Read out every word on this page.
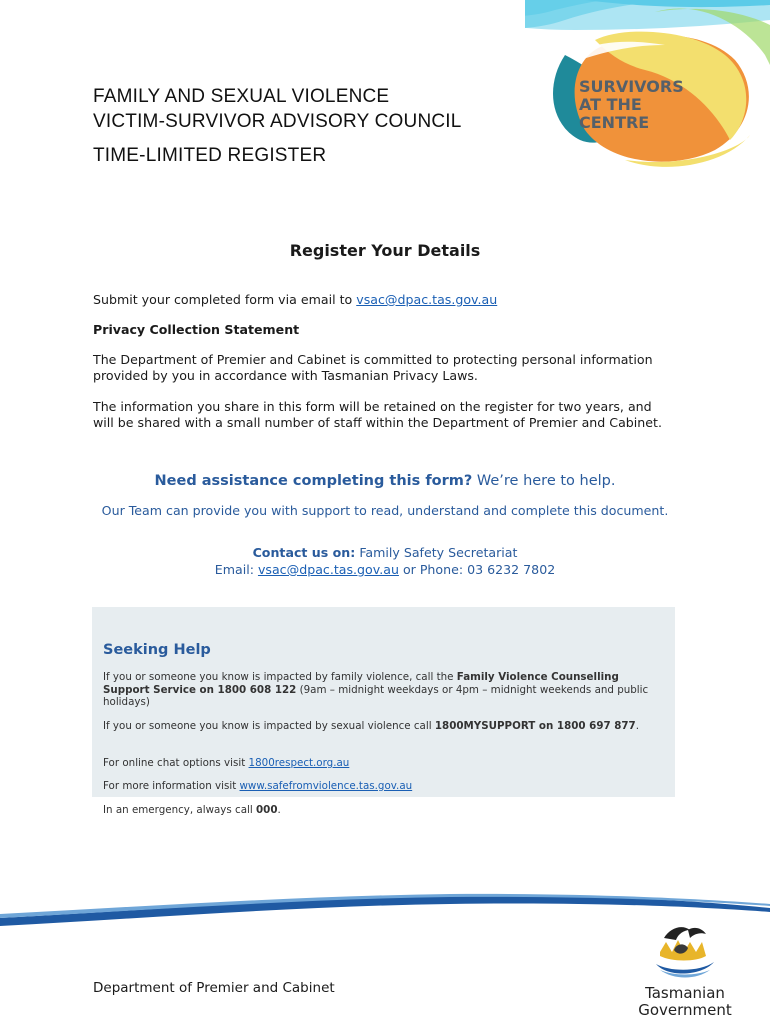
SURVIVORS
AT THE
CENTRE
FAMILY AND SEXUAL VIOLENCE
VICTIM-SURVIVOR ADVISORY COUNCIL
TIME-LIMITED REGISTER
Register Your Details
Submit your completed form via email to vsac@dpac.tas.gov.au
Privacy Collection Statement
The Department of Premier and Cabinet is committed to protecting personal information provided by you in accordance with Tasmanian Privacy Laws.
The information you share in this form will be retained on the register for two years, and will be shared with a small number of staff within the Department of Premier and Cabinet.
Need assistance completing this form? We’re here to help.
Our Team can provide you with support to read, understand and complete this document.
Contact us on: Family Safety Secretariat
Email: vsac@dpac.tas.gov.au or Phone: 03 6232 7802
Seeking Help
If you or someone you know is impacted by family violence, call the Family Violence Counselling Support Service on 1800 608 122 (9am – midnight weekdays or 4pm – midnight weekends and public holidays)
If you or someone you know is impacted by sexual violence call 1800MYSUPPORT on 1800 697 877.
For online chat options visit 1800respect.org.au
For more information visit www.safefromviolence.tas.gov.au
In an emergency, always call 000.
Department of Premier and Cabinet	Tasmanian
Government
